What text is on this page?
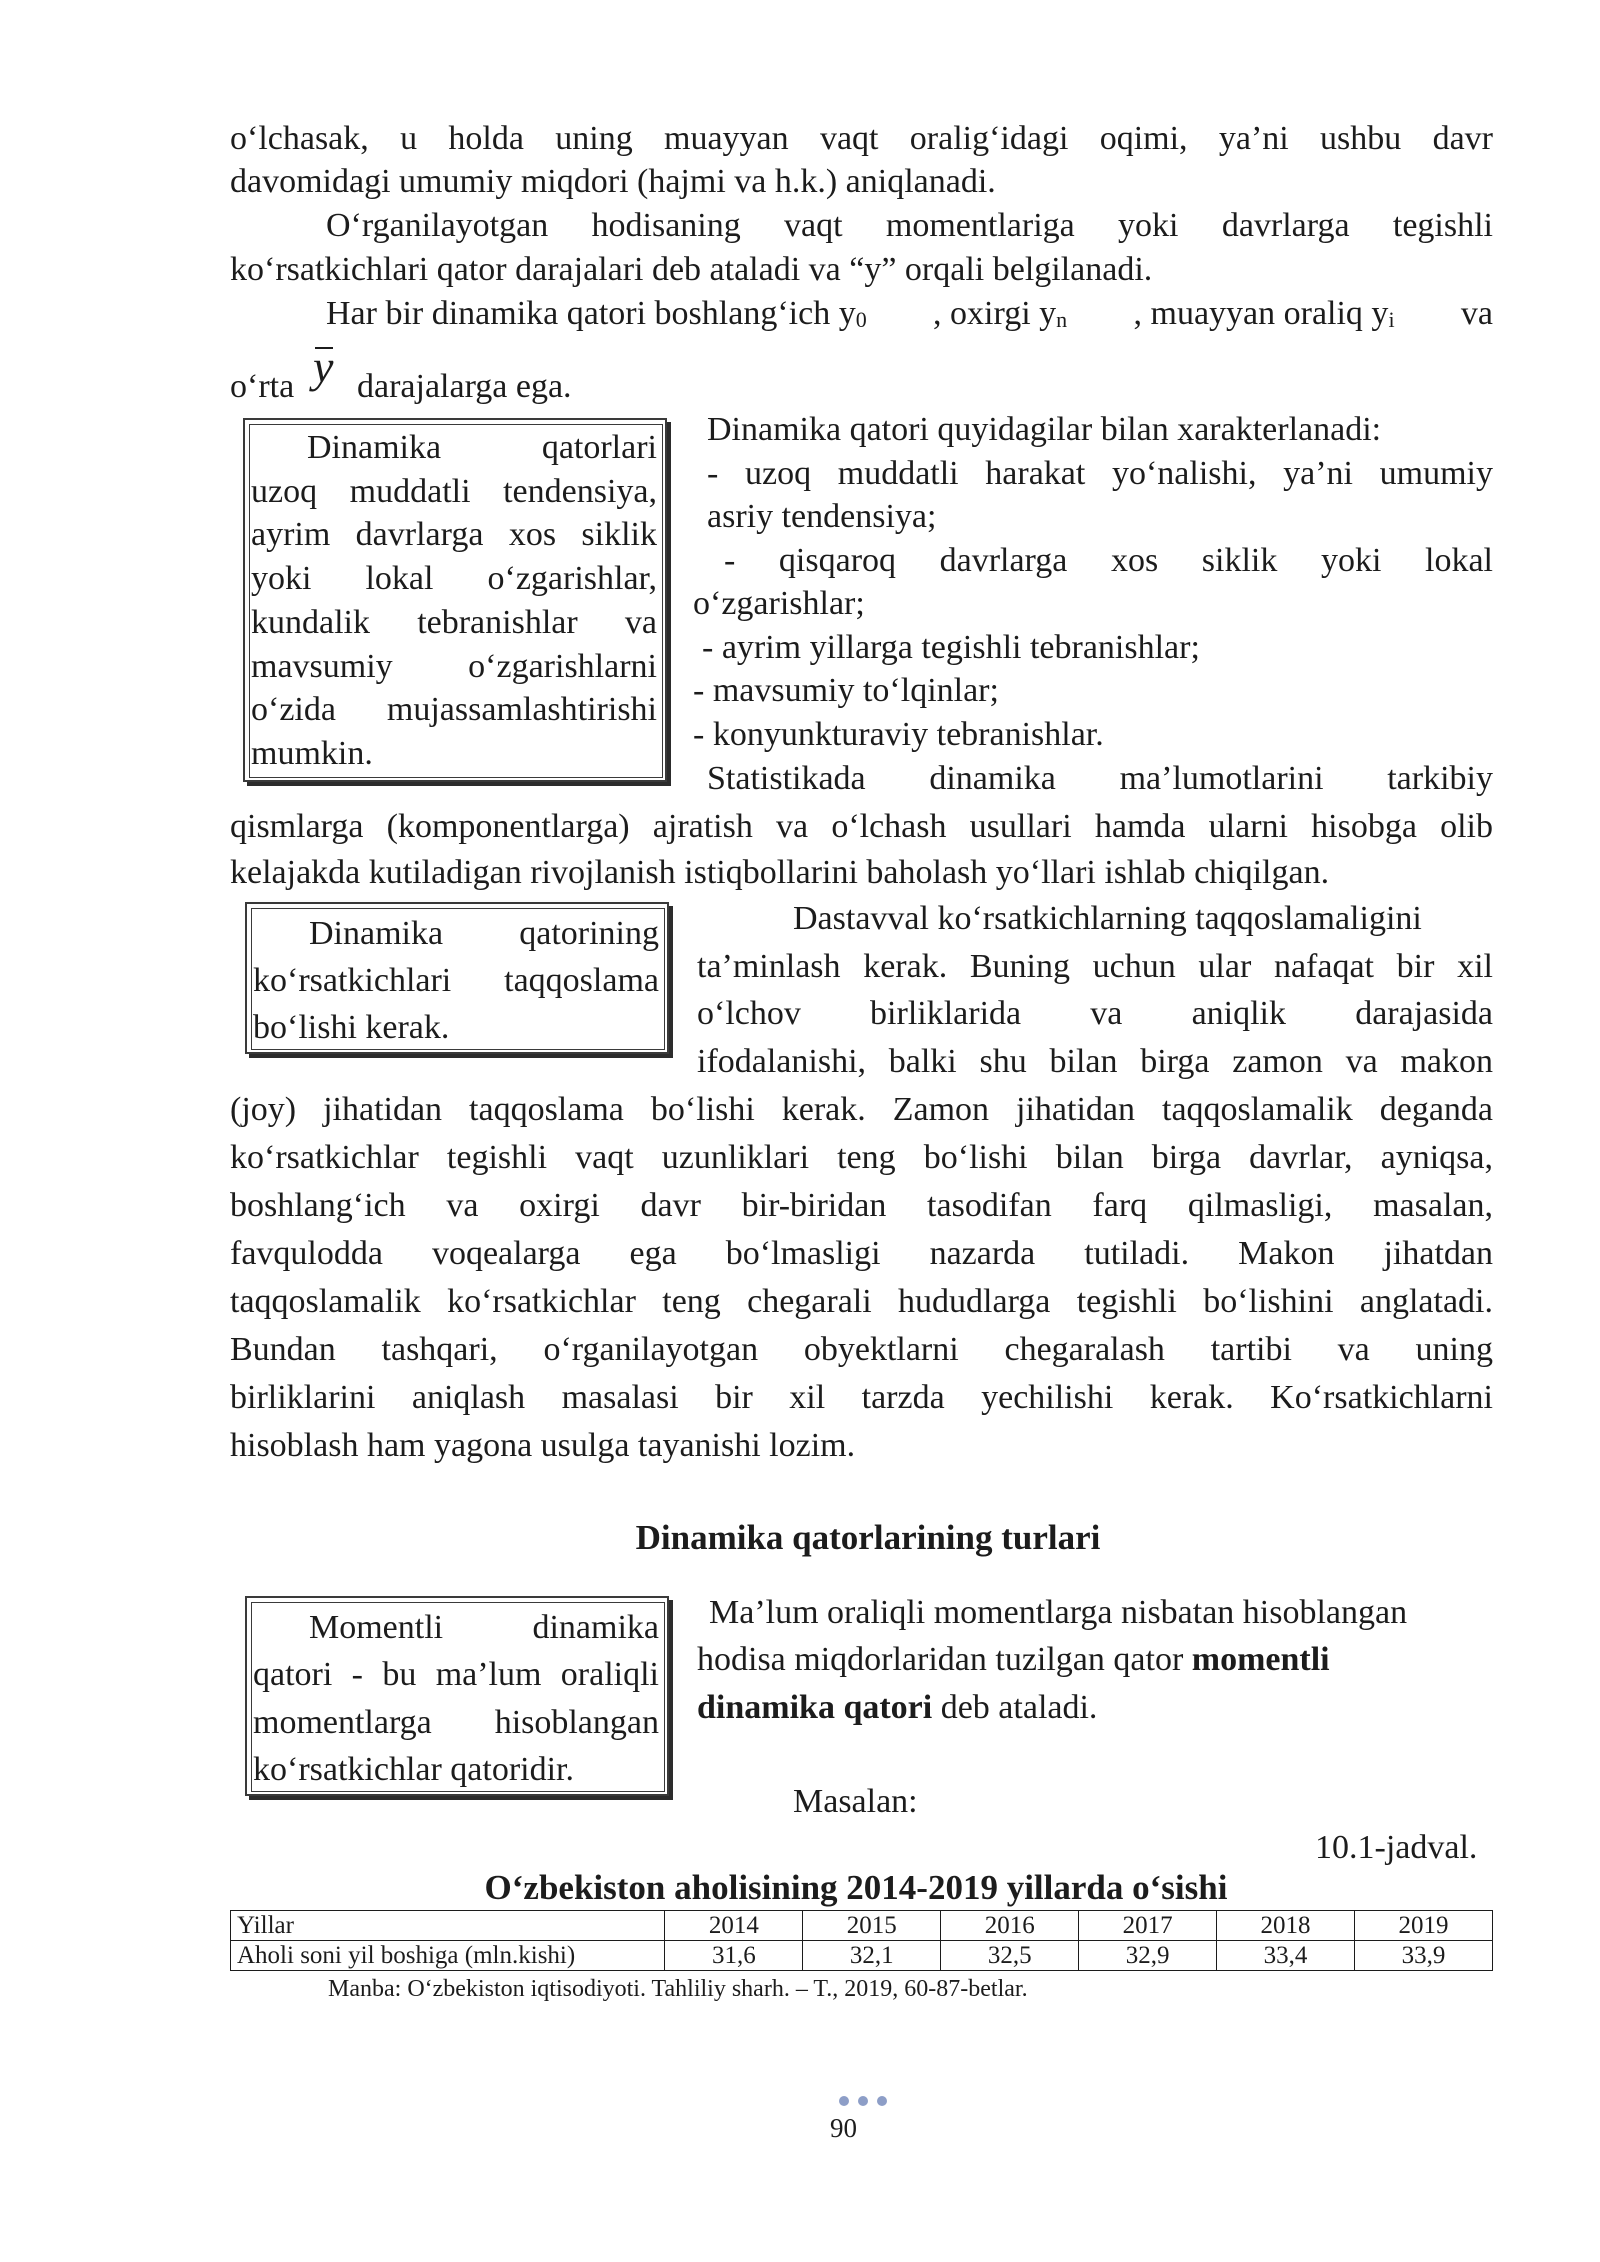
o‘lchasak, u holda uning muayyan vaqt oralig‘idagi oqimi, ya’ni ushbu davr
davomidagi umumiy miqdori (hajmi va h.k.) aniqlanadi.
O‘rganilayotgan hodisaning vaqt momentlariga yoki davrlarga tegishli
ko‘rsatkichlari qator darajalari deb ataladi va “y” orqali belgilanadi.
Har bir dinamika qatori boshlang‘ich y0 , oxirgi yn , muayyan oraliq yi va
o‘rta y darajalarga ega.
Dinamika qatorlari
uzoq muddatli tendensiya,
ayrim davrlarga xos siklik
yoki lokal o‘zgarishlar,
kundalik tebranishlar va
mavsumiy o‘zgarishlarni
o‘zida mujassamlashtirishi
mumkin.
Dinamika qatori quyidagilar bilan xarakterlanadi:
- uzoq muddatli harakat yo‘nalishi, ya’ni umumiy
asriy tendensiya;
- qisqaroq davrlarga xos siklik yoki lokal
o‘zgarishlar;
- ayrim yillarga tegishli tebranishlar;
- mavsumiy to‘lqinlar;
- konyunkturaviy tebranishlar.
Statistikada dinamika ma’lumotlarini tarkibiy
qismlarga (komponentlarga) ajratish va o‘lchash usullari hamda ularni hisobga olib
kelajakda kutiladigan rivojlanish istiqbollarini baholash yo‘llari ishlab chiqilgan.
Dinamika qatorining
ko‘rsatkichlari taqqoslama
bo‘lishi kerak.
Dastavval ko‘rsatkichlarning taqqoslamaligini
ta’minlash kerak. Buning uchun ular nafaqat bir xil
o‘lchov birliklarida va aniqlik darajasida
ifodalanishi, balki shu bilan birga zamon va makon
(joy) jihatidan taqqoslama bo‘lishi kerak. Zamon jihatidan taqqoslamalik deganda
ko‘rsatkichlar tegishli vaqt uzunliklari teng bo‘lishi bilan birga davrlar, ayniqsa,
boshlang‘ich va oxirgi davr bir-biridan tasodifan farq qilmasligi, masalan,
favqulodda voqealarga ega bo‘lmasligi nazarda tutiladi. Makon jihatdan
taqqoslamalik ko‘rsatkichlar teng chegarali hududlarga tegishli bo‘lishini anglatadi.
Bundan tashqari, o‘rganilayotgan obyektlarni chegaralash tartibi va uning
birliklarini aniqlash masalasi bir xil tarzda yechilishi kerak. Ko‘rsatkichlarni
hisoblash ham yagona usulga tayanishi lozim.
Dinamika qatorlarining turlari
Momentli dinamika
qatori - bu ma’lum oraliqli
momentlarga hisoblangan
ko‘rsatkichlar qatoridir.
Ma’lum oraliqli momentlarga nisbatan hisoblangan
hodisa miqdorlaridan tuzilgan qator momentli
dinamika qatori deb ataladi.
Masalan:
10.1-jadval.
O‘zbekiston aholisining 2014-2019 yillarda o‘sishi
Yillar	2014	2015	2016	2017	2018	2019
Aholi soni yil boshiga (mln.kishi)	31,6	32,1	32,5	32,9	33,4	33,9
Manba: O‘zbekiston iqtisodiyoti. Tahliliy sharh. – T., 2019, 60-87-betlar.
90
